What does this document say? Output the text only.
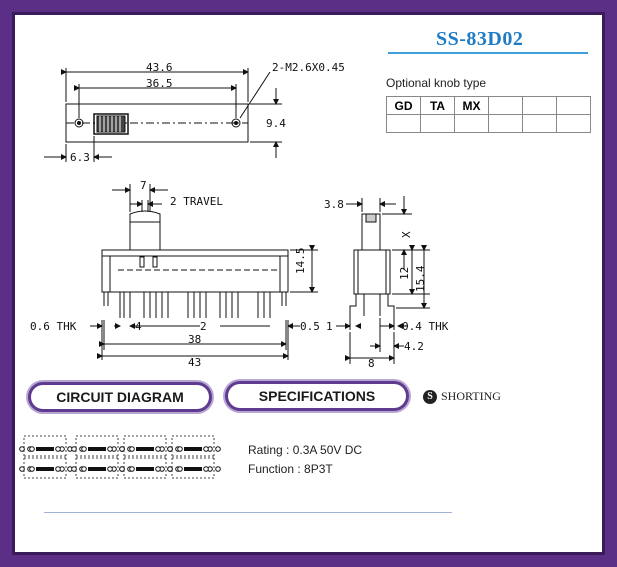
43.6
36.5
2-M2.6X0.45
9.4
6.3
7
2 TRAVEL
14.5
0.6 THK	4	2	0.5
38
43
3.8
X
12 15.4
1	0.4 THK
4.2
8
SS-83D02
Optional knob type
GD	TA	MX			

CIRCUIT DIAGRAM	SPECIFICATIONS	S SHORTING
Rating : 0.3A 50V DC
Function : 8P3T
